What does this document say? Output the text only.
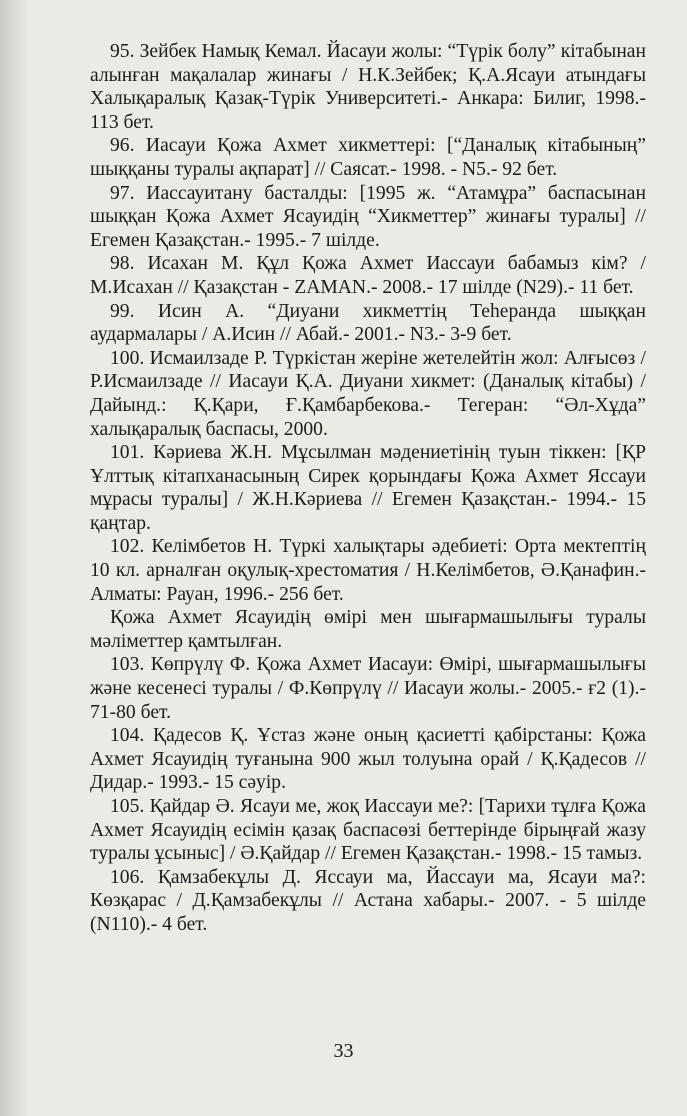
95. Зейбек Намық Кемал. Йасауи жолы: “Түрік болу” кітабынан алынған мақалалар жинағы / Н.К.Зейбек; Қ.А.Ясауи атындағы Халықаралық Қазақ-Түрік Университеті.- Анкара: Билиг, 1998.- 113 бет.

96. Иасауи Қожа Ахмет хикметтері: [“Даналық кітабының” шыққаны туралы ақпарат] // Саясат.- 1998. - N5.- 92 бет.

97. Иассауитану басталды: [1995 ж. “Атамұра” баспасынан шыққан Қожа Ахмет Ясауидің “Хикметтер” жинағы туралы] // Егемен Қазақстан.- 1995.- 7 шілде.

98. Исахан М. Құл Қожа Ахмет Иассауи бабамыз кім? / М.Исахан // Қазақстан - ZAMAN.- 2008.- 17 шілде (N29).- 11 бет.

99. Исин А. “Диуани хикметтің Теһеранда шыққан аудармалары / А.Исин // Абай.- 2001.- N3.- 3-9 бет.

100. Исмаилзаде Р. Түркістан жеріне жетелейтін жол: Алғысөз / Р.Исмаилзаде // Иасауи Қ.А. Диуани хикмет: (Даналық кітабы) / Дайынд.: Қ.Қари, Ғ.Қамбарбекова.- Тегеран: “Әл-Хұда” халықаралық баспасы, 2000.

101. Кәриева Ж.Н. Мұсылман мәдениетінің туын тіккен: [ҚР Ұлттық кітапханасының Сирек қорындағы Қожа Ахмет Яссауи мұрасы туралы] / Ж.Н.Кәриева // Егемен Қазақстан.- 1994.- 15 қаңтар.

102. Келімбетов Н. Түркі халықтары әдебиеті: Орта мектептің 10 кл. арналған оқулық-хрестоматия / Н.Келімбетов, Ә.Қанафин.- Алматы: Рауан, 1996.- 256 бет.

Қожа Ахмет Ясауидің өмірі мен шығармашылығы туралы мәліметтер қамтылған.

103. Көпрүлү Ф. Қожа Ахмет Иасауи: Өмірі, шығармашылығы және кесенесі туралы / Ф.Көпрүлү // Иасауи жолы.- 2005.- ғ2 (1).- 71-80 бет.

104. Қадесов Қ. Ұстаз және оның қасиетті қабірстаны: Қожа Ахмет Ясауидің туғанына 900 жыл толуына орай / Қ.Қадесов // Дидар.- 1993.- 15 сәуір.

105. Қайдар Ә. Ясауи ме, жоқ Иассауи ме?: [Тарихи тұлға Қожа Ахмет Ясауидің есімін қазақ баспасөзі беттерінде бірыңғай жазу туралы ұсыныс] / Ә.Қайдар // Егемен Қазақстан.- 1998.- 15 тамыз.

106. Қамзабекұлы Д. Яссауи ма, Йассауи ма, Ясауи ма?: Көзқарас / Д.Қамзабекұлы // Астана хабары.- 2007. - 5 шілде (N110).- 4 бет.

33
